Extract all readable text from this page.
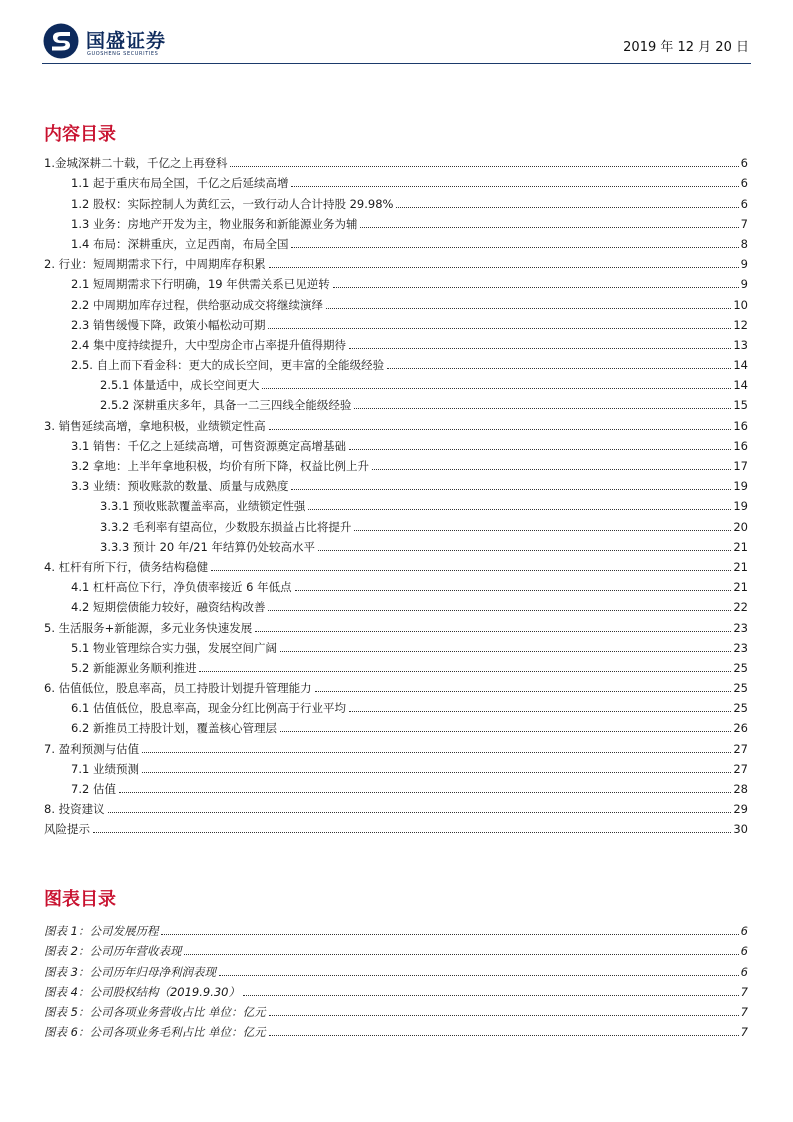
国盛证券
GUOSHENG SECURITIES	2019 年 12 月 20 日
内容目录
1.金城深耕二十载，千亿之上再登科	6
1.1 起于重庆布局全国，千亿之后延续高增	6
1.2 股权：实际控制人为黄红云，一致行动人合计持股 29.98%	6
1.3 业务：房地产开发为主，物业服务和新能源业务为辅	7
1.4 布局：深耕重庆，立足西南，布局全国	8
2. 行业：短周期需求下行，中周期库存积累	9
2.1 短周期需求下行明确，19 年供需关系已见逆转	9
2.2 中周期加库存过程，供给驱动成交将继续演绎	10
2.3 销售缓慢下降，政策小幅松动可期	12
2.4 集中度持续提升，大中型房企市占率提升值得期待	13
2.5. 自上而下看金科：更大的成长空间，更丰富的全能级经验	14
2.5.1 体量适中，成长空间更大	14
2.5.2 深耕重庆多年，具备一二三四线全能级经验	15
3. 销售延续高增，拿地积极，业绩锁定性高	16
3.1 销售：千亿之上延续高增，可售资源奠定高增基础	16
3.2 拿地：上半年拿地积极，均价有所下降，权益比例上升	17
3.3 业绩：预收账款的数量、质量与成熟度	19
3.3.1 预收账款覆盖率高，业绩锁定性强	19
3.3.2 毛利率有望高位，少数股东损益占比将提升	20
3.3.3 预计 20 年/21 年结算仍处较高水平	21
4. 杠杆有所下行，债务结构稳健	21
4.1 杠杆高位下行，净负债率接近 6 年低点	21
4.2 短期偿债能力较好，融资结构改善	22
5. 生活服务+新能源，多元业务快速发展	23
5.1 物业管理综合实力强，发展空间广阔	23
5.2 新能源业务顺利推进	25
6. 估值低位，股息率高，员工持股计划提升管理能力	25
6.1 估值低位，股息率高，现金分红比例高于行业平均	25
6.2 新推员工持股计划，覆盖核心管理层	26
7. 盈利预测与估值	27
7.1 业绩预测	27
7.2 估值	28
8. 投资建议	29
风险提示	30
图表目录
图表 1：公司发展历程	6
图表 2：公司历年营收表现	6
图表 3：公司历年归母净利润表现	6
图表 4：公司股权结构（2019.9.30）	7
图表 5：公司各项业务营收占比 单位：亿元	7
图表 6：公司各项业务毛利占比 单位：亿元	7
